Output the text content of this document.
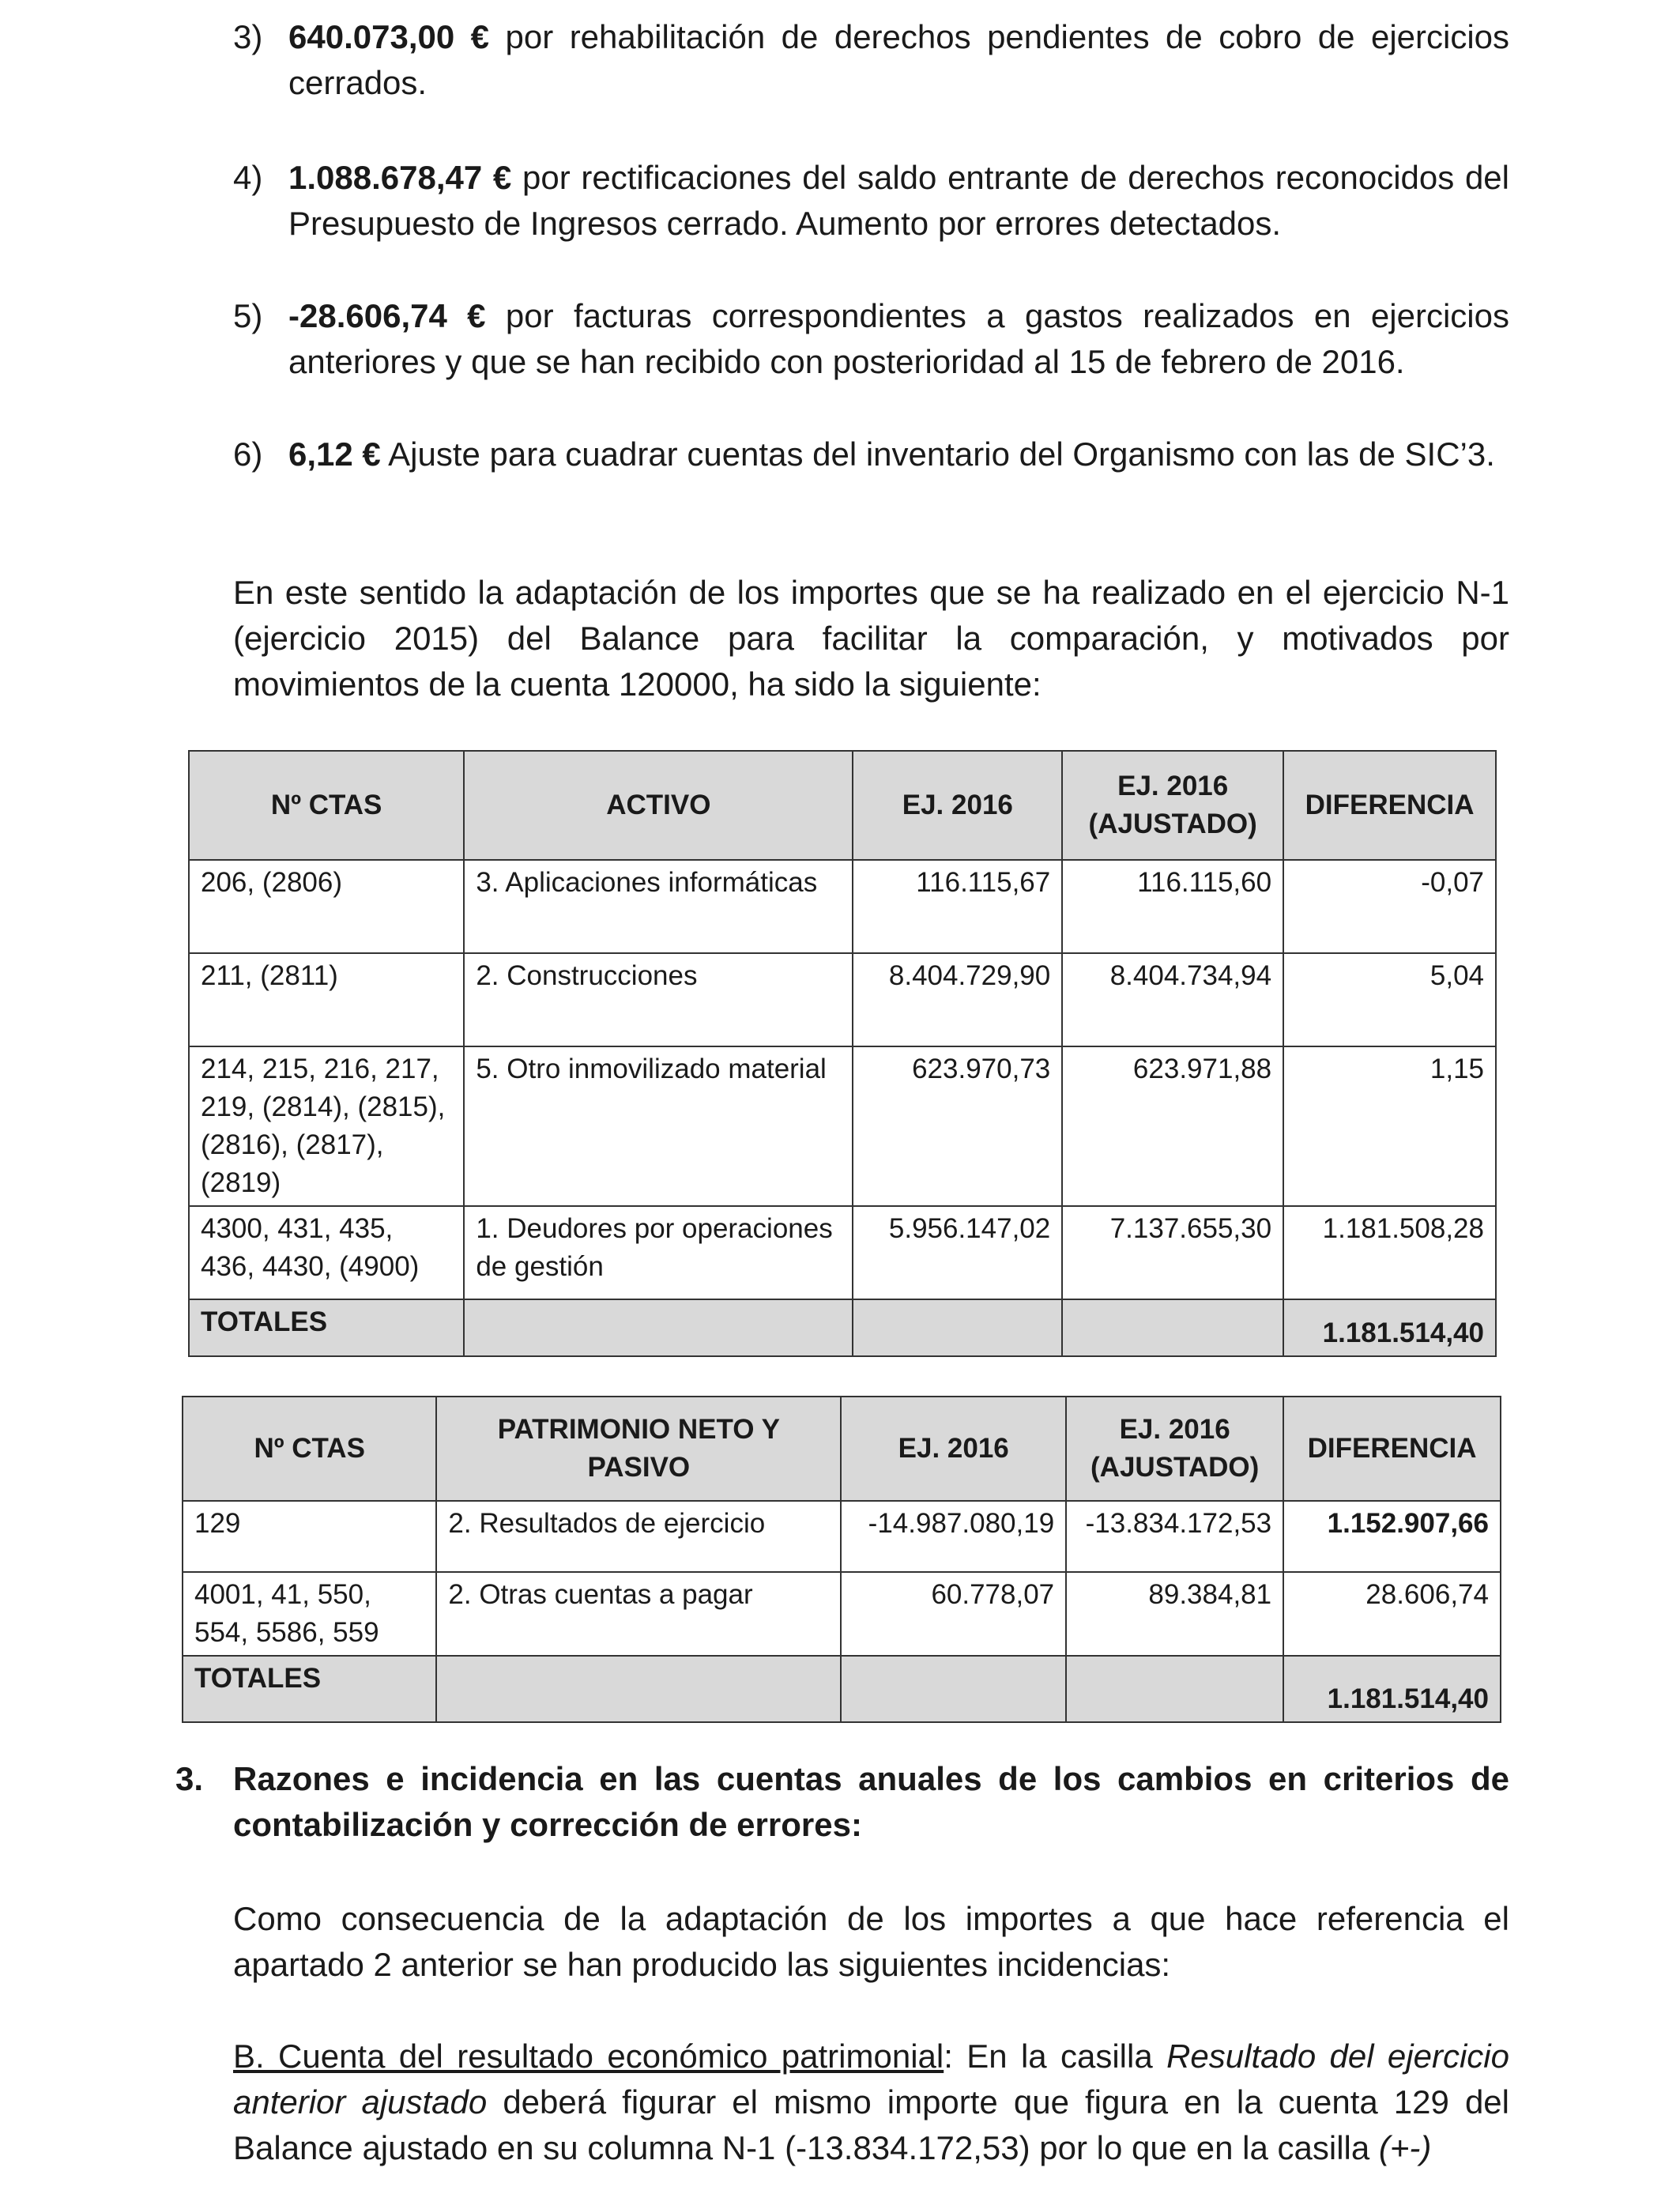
3) 640.073,00 € por rehabilitación de derechos pendientes de cobro de ejercicios cerrados.
4) 1.088.678,47 € por rectificaciones del saldo entrante de derechos reconocidos del Presupuesto de Ingresos cerrado. Aumento por errores detectados.
5) -28.606,74 € por facturas correspondientes a gastos realizados en ejercicios anteriores y que se han recibido con posterioridad al 15 de febrero de 2016.
6) 6,12 € Ajuste para cuadrar cuentas del inventario del Organismo con las de SIC’3.
En este sentido la adaptación de los importes que se ha realizado en el ejercicio N-1 (ejercicio 2015) del Balance para facilitar la comparación, y motivados por movimientos de la cuenta 120000, ha sido la siguiente:
Nº CTAS	ACTIVO	EJ. 2016	EJ. 2016 (AJUSTADO)	DIFERENCIA
206, (2806)	3. Aplicaciones informáticas	116.115,67	116.115,60	-0,07
211, (2811)	2. Construcciones	8.404.729,90	8.404.734,94	5,04
214, 215, 216, 217, 219, (2814), (2815), (2816), (2817), (2819)	5. Otro inmovilizado material	623.970,73	623.971,88	1,15
4300, 431, 435, 436, 4430, (4900)	1. Deudores por operaciones de gestión	5.956.147,02	7.137.655,30	1.181.508,28
TOTALES				1.181.514,40
Nº CTAS	PATRIMONIO NETO Y PASIVO	EJ. 2016	EJ. 2016 (AJUSTADO)	DIFERENCIA
129	2. Resultados de ejercicio	-14.987.080,19	-13.834.172,53	1.152.907,66
4001, 41, 550, 554, 5586, 559	2. Otras cuentas a pagar	60.778,07	89.384,81	28.606,74
TOTALES				1.181.514,40
3. Razones e incidencia en las cuentas anuales de los cambios en criterios de contabilización y corrección de errores:
Como consecuencia de la adaptación de los importes a que hace referencia el apartado 2 anterior se han producido las siguientes incidencias:
B. Cuenta del resultado económico patrimonial: En la casilla Resultado del ejercicio anterior ajustado deberá figurar el mismo importe que figura en la cuenta 129 del Balance ajustado en su columna N-1 (-13.834.172,53) por lo que en la casilla (+-)
